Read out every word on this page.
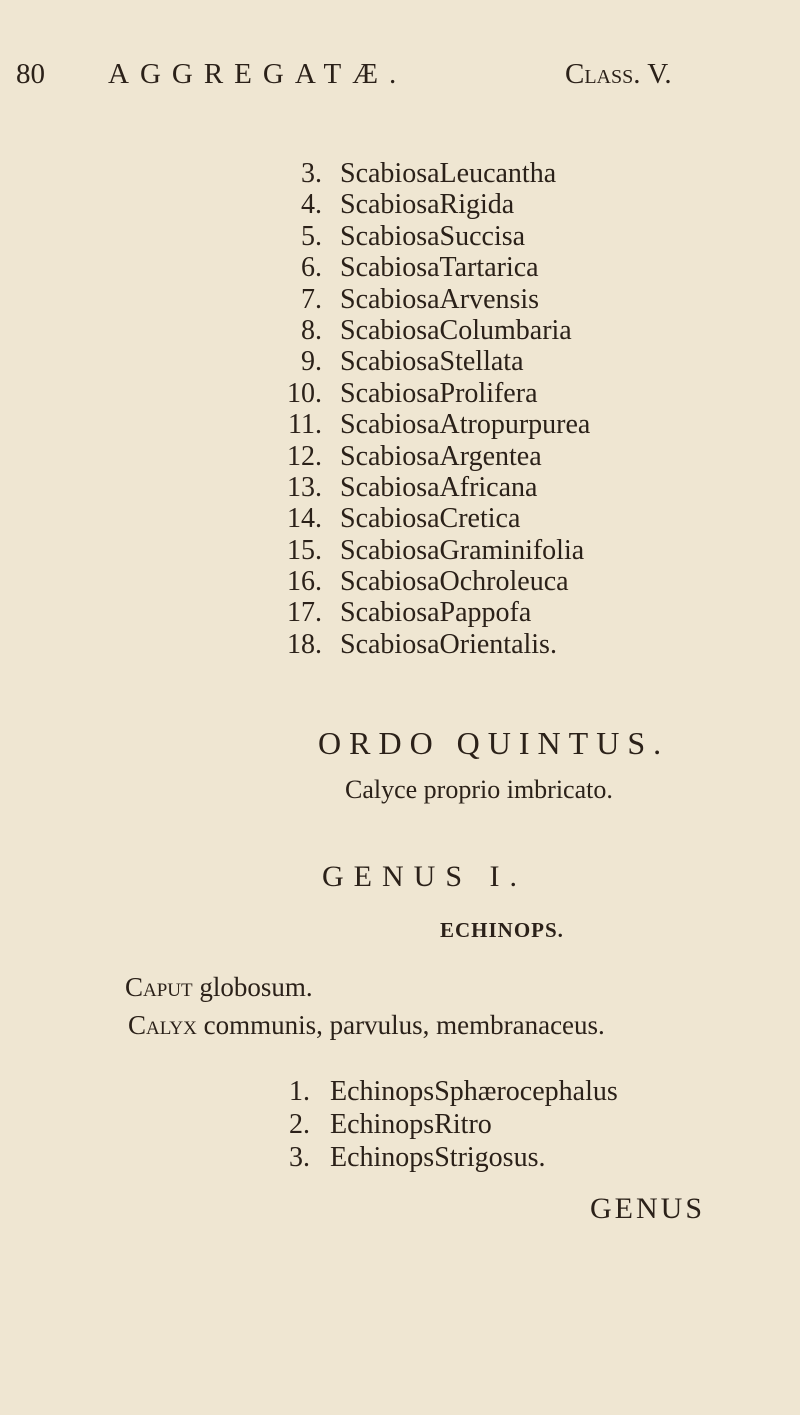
80 AGGREGATÆ.	Class. V.
3. Scabiosa Leucantha
4. Scabiosa Rigida
5. Scabiosa Succisa
6. Scabiosa Tartarica
7. Scabiosa Arvensis
8. Scabiosa Columbaria
9. Scabiosa Stellata
10. Scabiosa Prolifera
11. Scabiosa Atropurpurea
12. Scabiosa Argentea
13. Scabiosa Africana
14. Scabiosa Cretica
15. Scabiosa Graminifolia
16. Scabiosa Ochroleuca
17. Scabiosa Pappofa
18. Scabiosa Orientalis.
ORDO QUINTUS.
Calyce proprio imbricato.
GENUS I.
ECHINOPS.
Caput globosum.
Calyx communis, parvulus, membranaceus.
1. Echinops Sphærocephalus
2. Echinops Ritro
3. Echinops Strigosus.
GENUS
